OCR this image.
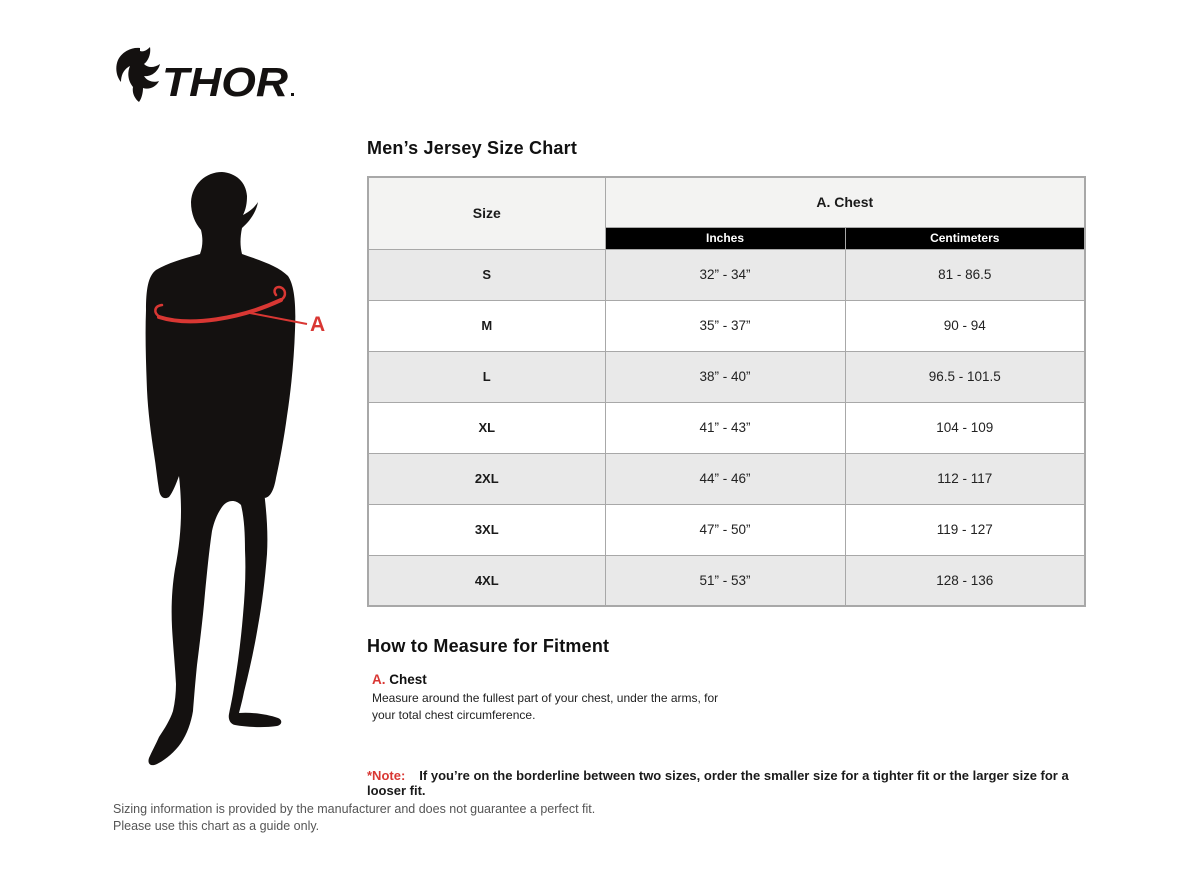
THOR
A
Men’s Jersey Size Chart
Size	A. Chest	
	Inches	Centimeters
S	32” - 34”	81 - 86.5
M	35” - 37”	90 - 94
L	38” - 40”	96.5 - 101.5
XL	41” - 43”	104 - 109
2XL	44” - 46”	112 - 117
3XL	47” - 50”	119 - 127
4XL	51” - 53”	128 - 136
How to Measure for Fitment
A. Chest
Measure around the fullest part of your chest, under the arms, for your total chest circumference.
*Note: If you’re on the borderline between two sizes, order the smaller size for a tighter fit or the larger size for a looser fit.
Sizing information is provided by the manufacturer and does not guarantee a perfect fit.
Please use this chart as a guide only.
